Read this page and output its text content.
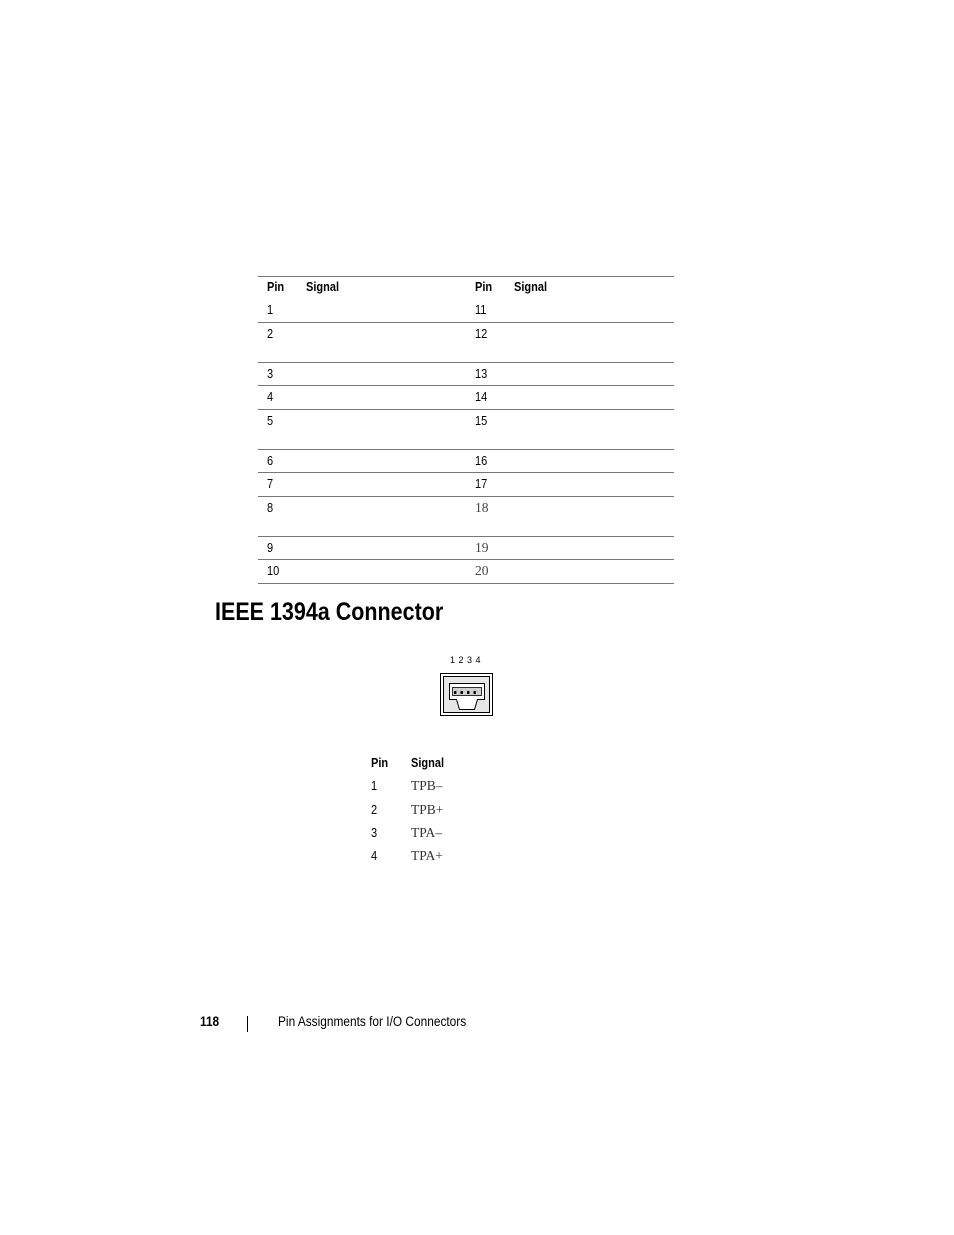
Pin Signal	Pin Signal
1	11
2	12
3	13
4	14
5	15
6	16
7	17
8	18
9	19
10	20
IEEE 1394a Connector
1 2 3 4
Pin Signal
1	TPB–
2	TPB+
3	TPA–
4	TPA+
118	Pin Assignments for I/O Connectors
